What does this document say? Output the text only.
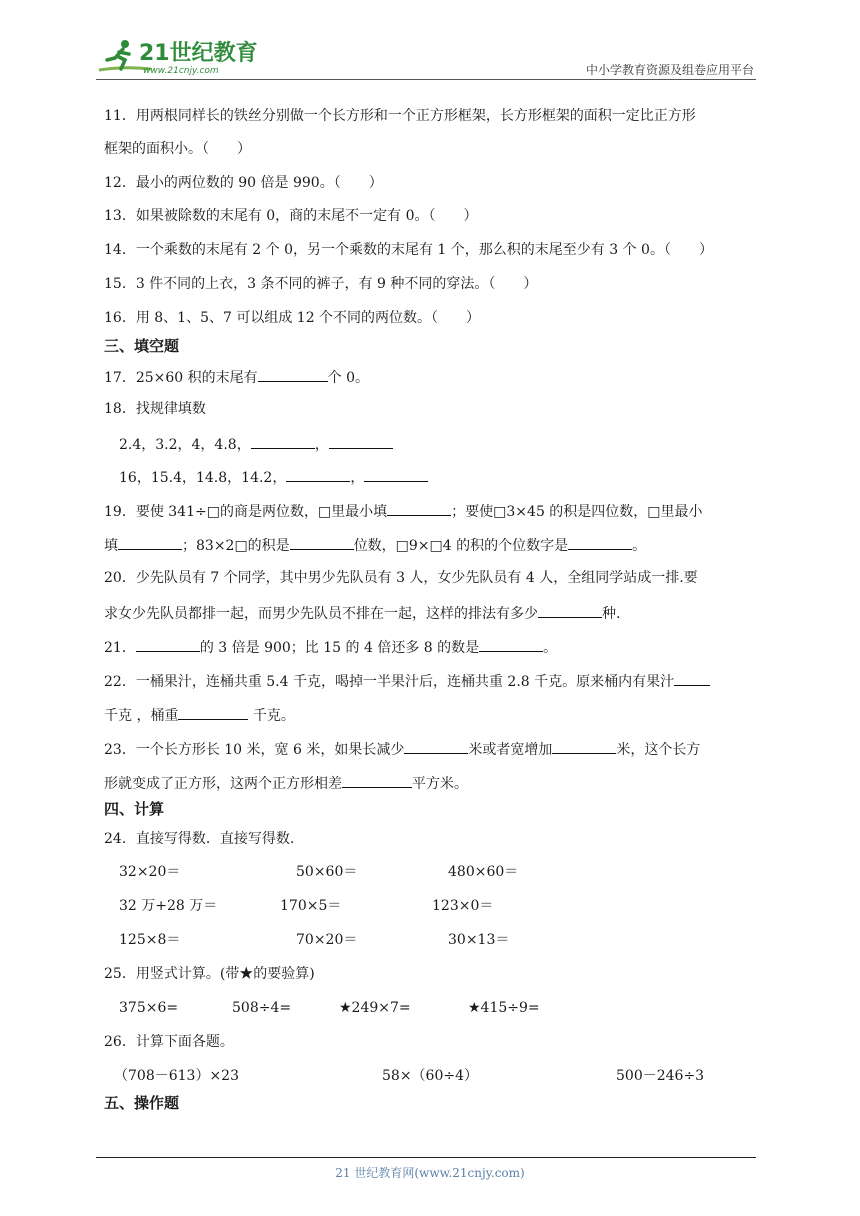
21世纪教育
www.21cnjy.com	中小学教育资源及组卷应用平台
11．用两根同样长的铁丝分别做一个长方形和一个正方形框架，长方形框架的面积一定比正方形
框架的面积小。（　　）
12．最小的两位数的 90 倍是 990。（　　）
13．如果被除数的末尾有 0，商的末尾不一定有 0。（　　）
14．一个乘数的末尾有 2 个 0，另一个乘数的末尾有 1 个，那么积的末尾至少有 3 个 0。（　　）
15．3 件不同的上衣，3 条不同的裤子，有 9 种不同的穿法。（　　）
16．用 8、1、5、7 可以组成 12 个不同的两位数。（　　）
三、填空题
17．25×60 积的末尾有	个 0。
18．找规律填数
2.4，3.2，4，4.8，	，
16，15.4，14.8，14.2，	，
19．要使 341÷□的商是两位数，□里最小填	；要使□3×45 的积是四位数，□里最小
填	；83×2□的积是	位数，□9×□4 的积的个位数字是	。
20．少先队员有 7 个同学，其中男少先队员有 3 人，女少先队员有 4 人，全组同学站成一排.要
求女少先队员都排一起，而男少先队员不排在一起，这样的排法有多少	种.
21．	的 3 倍是 900；比 15 的 4 倍还多 8 的数是	。
22．一桶果汁，连桶共重 5.4 千克，喝掉一半果汁后，连桶共重 2.8 千克。原来桶内有果汁
千克 ，桶重	千克。
23．一个长方形长 10 米，宽 6 米，如果长减少	米或者宽增加	米，这个长方
形就变成了正方形，这两个正方形相差	平方米。
四、计算
24．直接写得数．直接写得数.
32×20＝	50×60＝	480×60＝
32 万+28 万＝	170×5＝	123×0＝
125×8＝	70×20＝	30×13＝
25．用竖式计算。(带★的要验算)
375×6=	508÷4=	★249×7=	★415÷9=
26．计算下面各题。
（708－613）×23	58×（60÷4）	500－246÷3
五、操作题
21 世纪教育网(www.21cnjy.com)
